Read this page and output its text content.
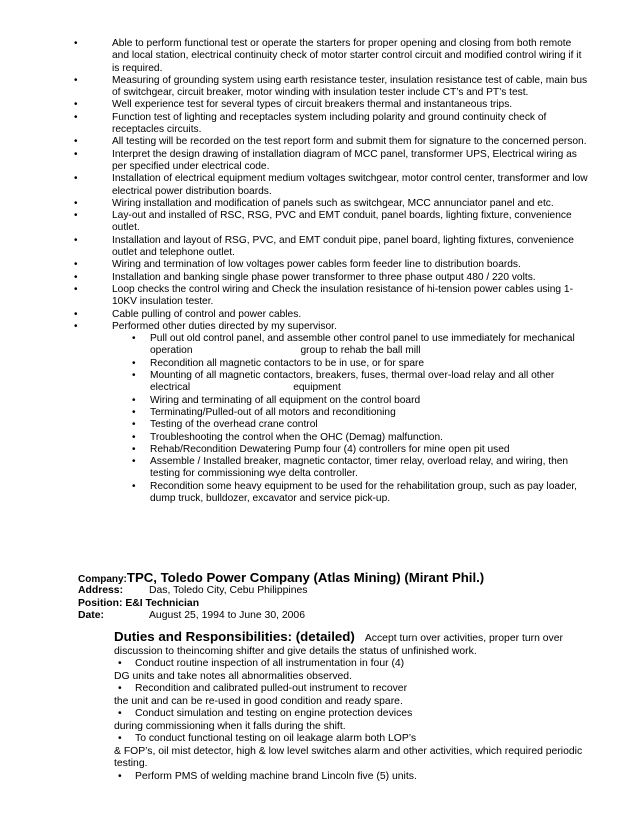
•	Able to perform functional test or operate the starters for proper opening and closing from both remote and local station, electrical continuity check of motor starter control circuit and modified control wiring if it is required.
•	Measuring of grounding system using earth resistance tester, insulation resistance test of cable, main bus of switchgear, circuit breaker, motor winding with insulation tester include CT’s and PT’s test.
•	Well experience test for several types of circuit breakers thermal and instantaneous trips.
•	Function test of lighting and receptacles system including polarity and ground continuity check of receptacles circuits.
•	All testing will be recorded on the test report form and submit them for signature to the concerned person.
•	Interpret the design drawing of installation diagram of MCC panel, transformer UPS, Electrical wiring as per specified under electrical code.
•	Installation of electrical equipment medium voltages switchgear, motor control center, transformer and low electrical power distribution boards.
•	Wiring installation and modification of panels such as switchgear, MCC annunciator panel and etc.
•	Lay-out and installed of RSC, RSG, PVC and EMT conduit, panel boards, lighting fixture, convenience outlet.
•	Installation and layout of RSG, PVC, and EMT conduit pipe, panel board, lighting fixtures, convenience outlet and telephone outlet.
•	Wiring and termination of low voltages power cables form feeder line to distribution boards.
•	Installation and banking single phase power transformer to three phase output 480 / 220 volts.
•	Loop checks the control wiring and Check the insulation resistance of hi-tension power cables using 1-10KV insulation tester.
•	Cable pulling of control and power cables.
•	Performed other duties directed by my supervisor.
• Pull out old control panel, and assemble other control panel to use immediately for mechanical operation	group to rehab the ball mill
• Recondition all magnetic contactors to be in use, or for spare
• Mounting of all magnetic contactors, breakers, fuses, thermal over-load relay and all other electrical	equipment
• Wiring and terminating of all equipment on the control board
• Terminating/Pulled-out of all motors and reconditioning
• Testing of the overhead crane control
• Troubleshooting the control when the OHC (Demag) malfunction.
• Rehab/Recondition Dewatering Pump four (4) controllers for mine open pit used
• Assemble / Installed breaker, magnetic contactor, timer relay, overload relay, and wiring, then testing for commissioning wye delta controller.
• Recondition some heavy equipment to be used for the rehabilitation group, such as pay loader, dump truck, bulldozer, excavator and service pick-up.
Company:TPC, Toledo Power Company (Atlas Mining) (Mirant Phil.)
Address: Das, Toledo City, Cebu Philippines
Position: E&I Technician
Date:	August 25, 1994 to June 30, 2006
Duties and Responsibilities: (detailed) Accept turn over activities, proper turn over discussion to theincoming shifter and give details the status of unfinished work.
• Conduct routine inspection of all instrumentation in four (4)
DG units and take notes all abnormalities observed.
• Recondition and calibrated pulled-out instrument to recover
the unit and can be re-used in good condition and ready spare.
• Conduct simulation and testing on engine protection devices
during commissioning when it falls during the shift.
• To conduct functional testing on oil leakage alarm both LOP’s
& FOP’s, oil mist detector, high & low level switches alarm and other activities, which required periodic testing.
• Perform PMS of welding machine brand Lincoln five (5) units.
